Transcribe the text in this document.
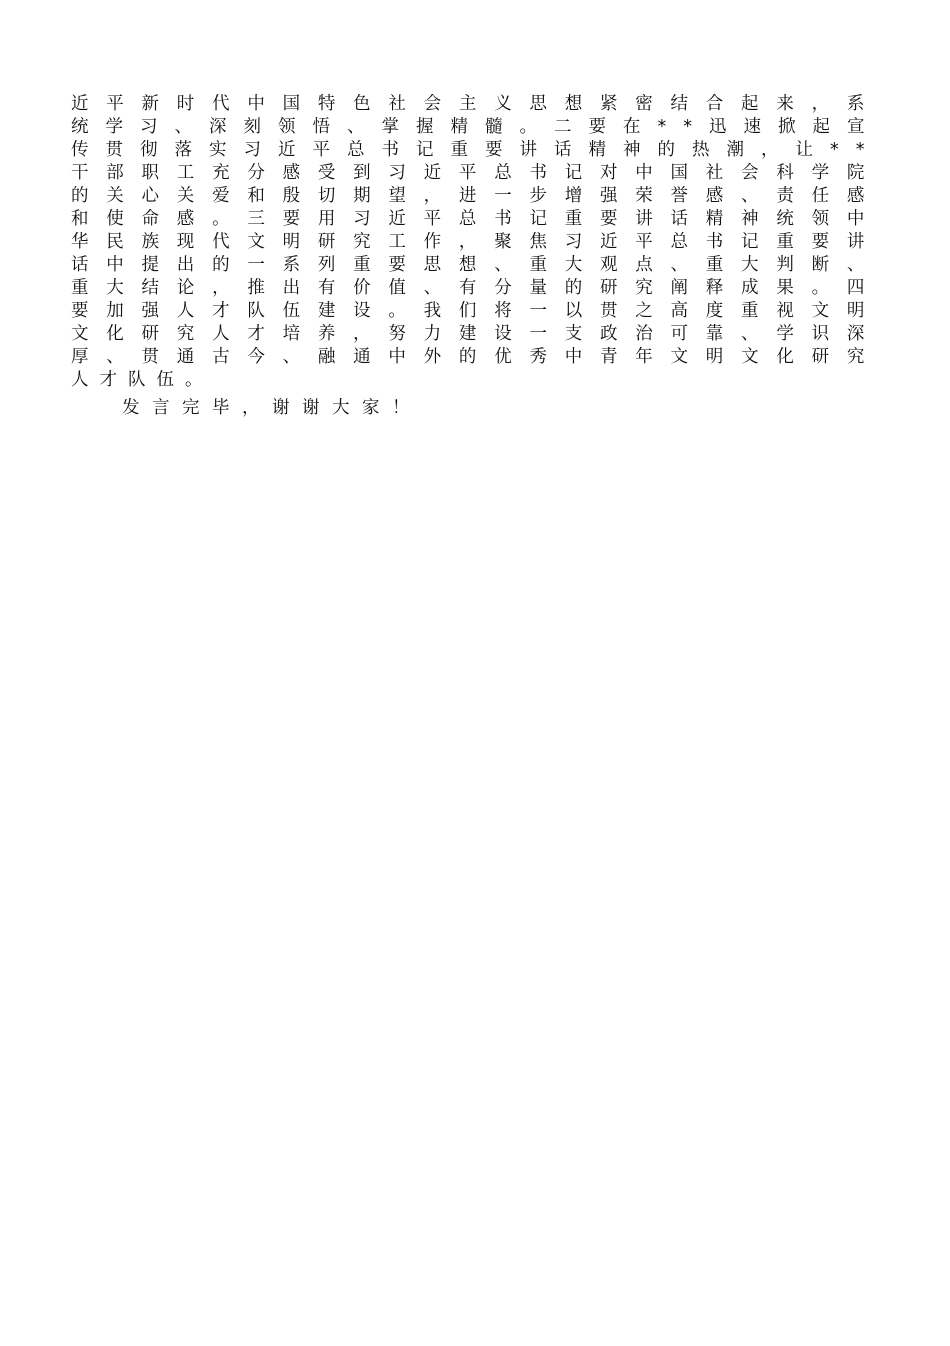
近 平 新 时 代 中 国 特 色 社 会 主 义 思 想 紧 密 结 合 起 来 ， 系
统 学 习 、 深 刻 领 悟 、 掌 握 精 髓 。 二 要 在 * * 迅 速 掀 起 宣
传 贯 彻 落 实 习 近 平 总 书 记 重 要 讲 话 精 神 的 热 潮 ， 让 * *
干 部 职 工 充 分 感 受 到 习 近 平 总 书 记 对 中 国 社 会 科 学 院
的 关 心 关 爱 和 殷 切 期 望 ， 进 一 步 增 强 荣 誉 感 、 责 任 感
和 使 命 感 。 三 要 用 习 近 平 总 书 记 重 要 讲 话 精 神 统 领 中
华 民 族 现 代 文 明 研 究 工 作 ， 聚 焦 习 近 平 总 书 记 重 要 讲
话 中 提 出 的 一 系 列 重 要 思 想 、 重 大 观 点 、 重 大 判 断 、
重 大 结 论 ， 推 出 有 价 值 、 有 分 量 的 研 究 阐 释 成 果 。 四
要 加 强 人 才 队 伍 建 设 。 我 们 将 一 以 贯 之 高 度 重 视 文 明
文 化 研 究 人 才 培 养 ， 努 力 建 设 一 支 政 治 可 靠 、 学 识 深
厚 、 贯 通 古 今 、 融 通 中 外 的 优 秀 中 青 年 文 明 文 化 研 究
人才队伍。

发言完毕，谢谢大家！
